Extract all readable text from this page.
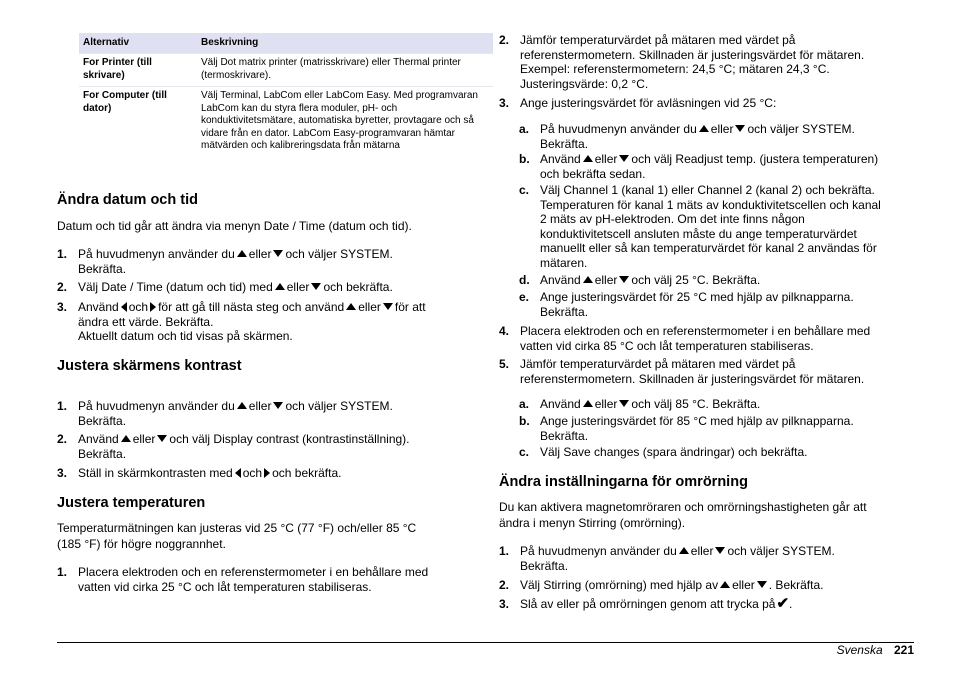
Alternativ	Beskrivning
For Printer (till skrivare)	Välj Dot matrix printer (matrisskrivare) eller Thermal printer (termoskrivare).
For Computer (till dator)	Välj Terminal, LabCom eller LabCom Easy. Med programvaran LabCom kan du styra flera moduler, pH- och konduktivitetsmätare, automatiska byretter, provtagare och så vidare från en dator. LabCom Easy-programvaran hämtar mätvärden och kalibreringsdata från mätarna
Ändra datum och tid
Datum och tid går att ändra via menyn Date / Time (datum och tid).
1. På huvudmenyn använder du eller och väljer SYSTEM.
Bekräfta.
2. Välj Date / Time (datum och tid) med eller och bekräfta.
3. Använd och för att gå till nästa steg och använd eller för att
ändra ett värde. Bekräfta.
Aktuellt datum och tid visas på skärmen.
Justera skärmens kontrast
1. På huvudmenyn använder du eller och väljer SYSTEM.
Bekräfta.
2. Använd eller och välj Display contrast (kontrastinställning).
Bekräfta.
3. Ställ in skärmkontrasten med och och bekräfta.
Justera temperaturen
Temperaturmätningen kan justeras vid 25 °C (77 °F) och/eller 85 °C
(185 °F) för högre noggrannhet.
1. Placera elektroden och en referenstermometer i en behållare med
vatten vid cirka 25 °C och låt temperaturen stabiliseras.
2. Jämför temperaturvärdet på mätaren med värdet på
referenstermometern. Skillnaden är justeringsvärdet för mätaren.
Exempel: referenstermometern: 24,5 °C; mätaren 24,3 °C.
Justeringsvärde: 0,2 °C.
3. Ange justeringsvärdet för avläsningen vid 25 °C:
a. På huvudmenyn använder du eller och väljer SYSTEM.
Bekräfta.
b. Använd eller och välj Readjust temp. (justera temperaturen)
och bekräfta sedan.
c. Välj Channel 1 (kanal 1) eller Channel 2 (kanal 2) och bekräfta.
Temperaturen för kanal 1 mäts av konduktivitetscellen och kanal
2 mäts av pH-elektroden. Om det inte finns någon
konduktivitetscell ansluten måste du ange temperaturvärdet
manuellt eller så kan temperaturvärdet för kanal 2 användas för
mätaren.
d. Använd eller och välj 25 °C. Bekräfta.
e. Ange justeringsvärdet för 25 °C med hjälp av pilknapparna.
Bekräfta.
4. Placera elektroden och en referenstermometer i en behållare med
vatten vid cirka 85 °C och låt temperaturen stabiliseras.
5. Jämför temperaturvärdet på mätaren med värdet på
referenstermometern. Skillnaden är justeringsvärdet för mätaren.
a. Använd eller och välj 85 °C. Bekräfta.
b. Ange justeringsvärdet för 85 °C med hjälp av pilknapparna.
Bekräfta.
c. Välj Save changes (spara ändringar) och bekräfta.
Ändra inställningarna för omrörning
Du kan aktivera magnetomröraren och omrörningshastigheten går att
ändra i menyn Stirring (omrörning).
1. På huvudmenyn använder du eller och väljer SYSTEM.
Bekräfta.
2. Välj Stirring (omrörning) med hjälp av eller . Bekräfta.
3. Slå av eller på omrörningen genom att trycka på✔.
Svenska 221
